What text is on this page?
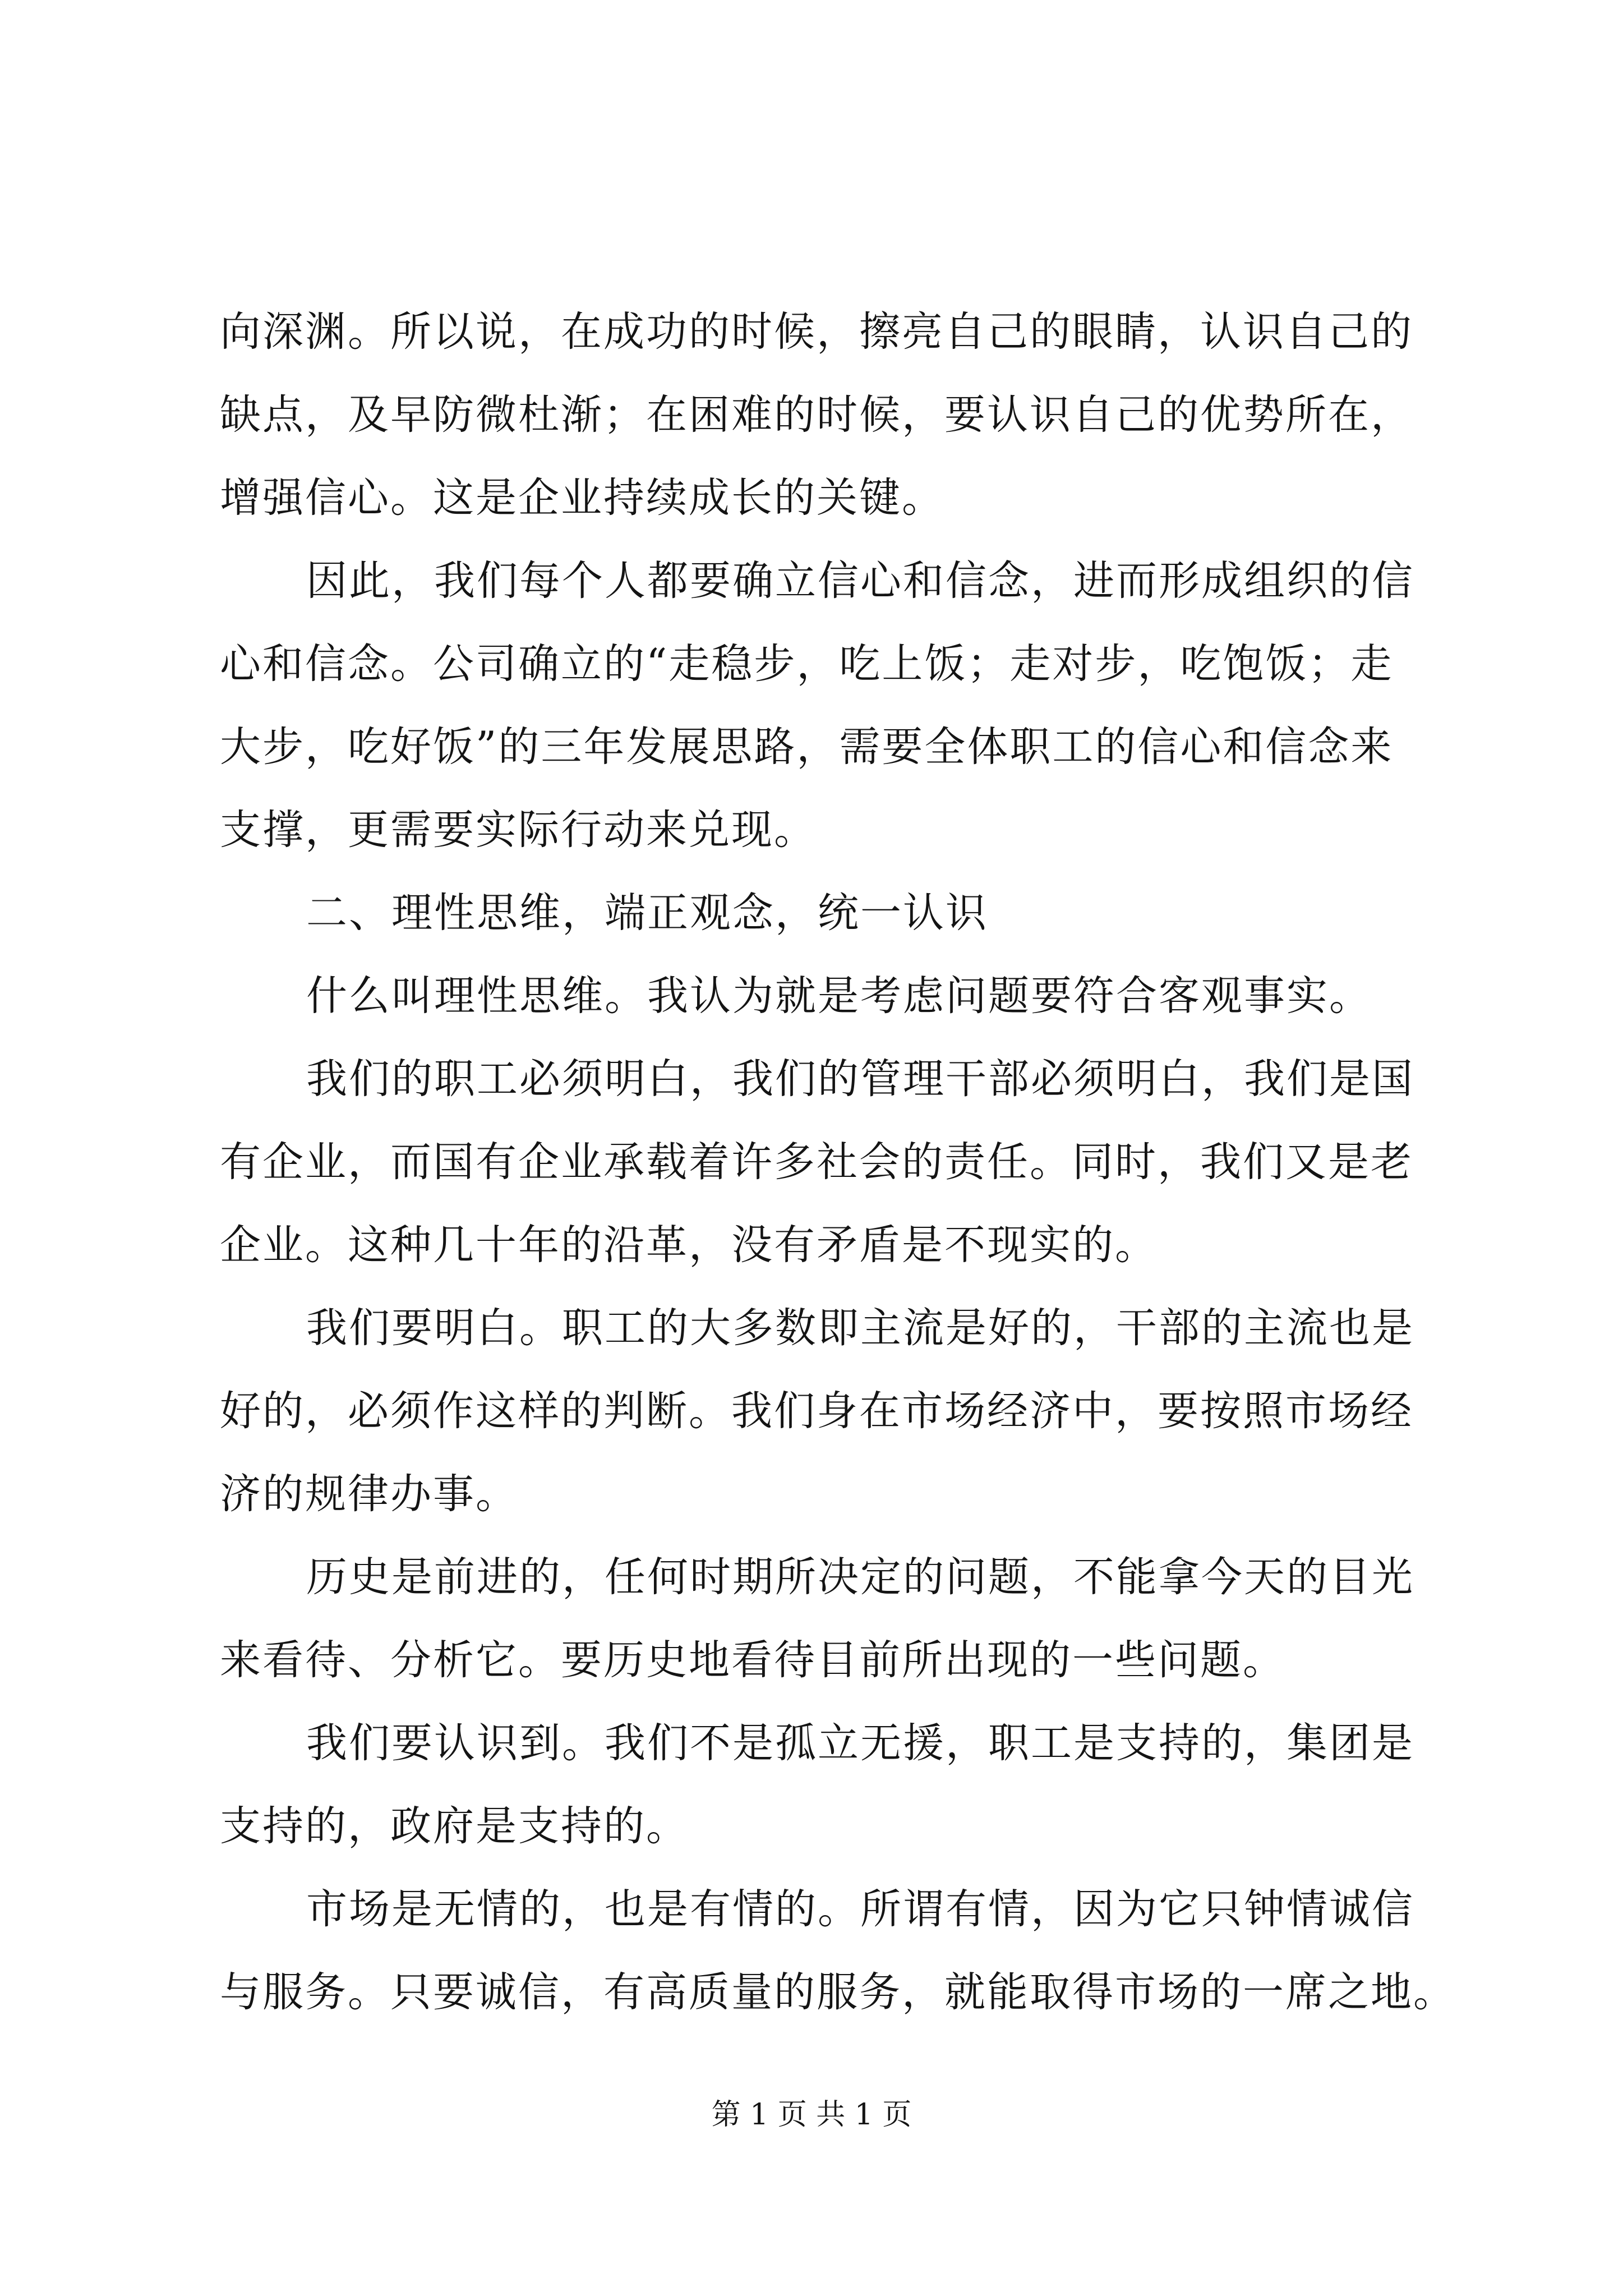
向深渊。所以说，在成功的时候，擦亮自己的眼睛，认识自己的
缺点，及早防微杜渐；在困难的时候，要认识自己的优势所在，
增强信心。这是企业持续成长的关键。
因此，我们每个人都要确立信心和信念，进而形成组织的信
心和信念。公司确立的“走稳步，吃上饭；走对步，吃饱饭；走
大步，吃好饭”的三年发展思路，需要全体职工的信心和信念来
支撑，更需要实际行动来兑现。
二、理性思维，端正观念，统一认识
什么叫理性思维。我认为就是考虑问题要符合客观事实。
我们的职工必须明白，我们的管理干部必须明白，我们是国
有企业，而国有企业承载着许多社会的责任。同时，我们又是老
企业。这种几十年的沿革，没有矛盾是不现实的。
我们要明白。职工的大多数即主流是好的，干部的主流也是
好的，必须作这样的判断。我们身在市场经济中，要按照市场经
济的规律办事。
历史是前进的，任何时期所决定的问题，不能拿今天的目光
来看待、分析它。要历史地看待目前所出现的一些问题。
我们要认识到。我们不是孤立无援，职工是支持的，集团是
支持的，政府是支持的。
市场是无情的，也是有情的。所谓有情，因为它只钟情诚信
与服务。只要诚信，有高质量的服务，就能取得市场的一席之地。
第 1 页 共 1 页
